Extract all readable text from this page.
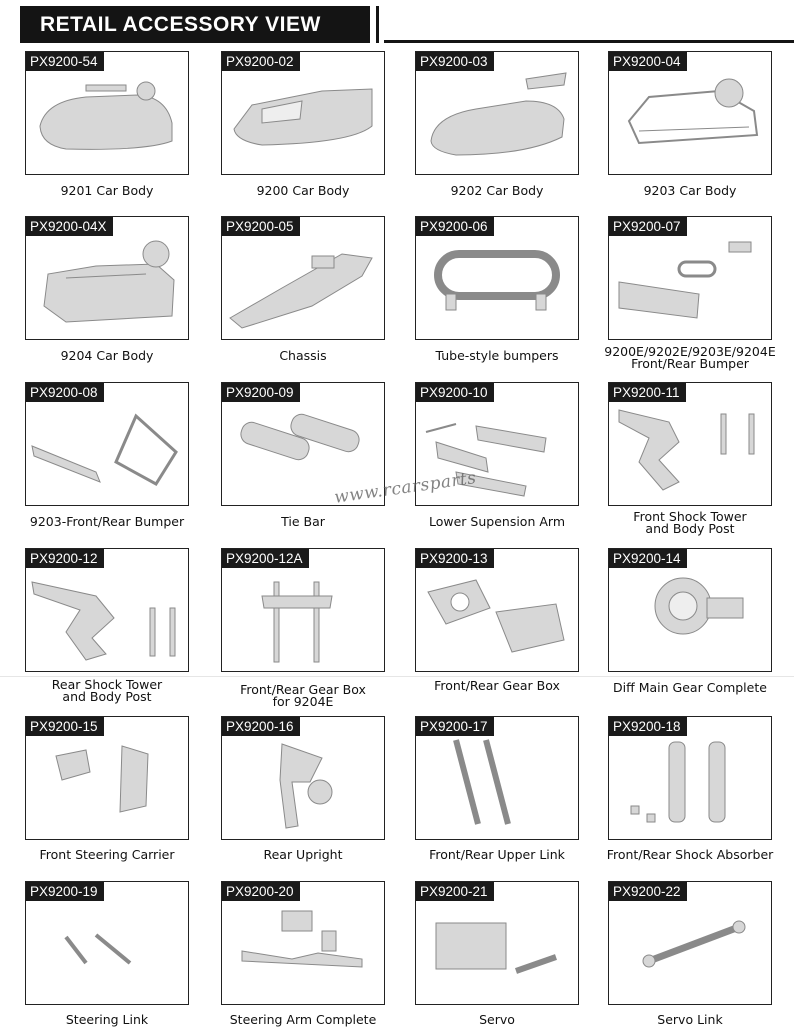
RETAIL ACCESSORY VIEW
PX9200-54
9201 Car Body
PX9200-02
9200 Car Body
PX9200-03
9202 Car Body
PX9200-04
9203 Car Body
PX9200-04X
9204 Car Body
PX9200-05
Chassis
PX9200-06
Tube-style bumpers
PX9200-07
9200E/9202E/9203E/9204E
Front/Rear Bumper
PX9200-08
9203-Front/Rear Bumper
PX9200-09
Tie Bar
PX9200-10
Lower Supension Arm
PX9200-11
Front Shock Tower
and Body Post
PX9200-12
Rear Shock Tower
and Body Post
PX9200-12A
Front/Rear Gear Box
for 9204E
PX9200-13
Front/Rear Gear Box
PX9200-14
Diff Main Gear Complete
PX9200-15
Front Steering Carrier
PX9200-16
Rear Upright
PX9200-17
Front/Rear Upper Link
PX9200-18
Front/Rear Shock Absorber
PX9200-19
Steering Link
PX9200-20
Steering Arm Complete
PX9200-21
Servo
PX9200-22
Servo Link
www.rcarsparts
